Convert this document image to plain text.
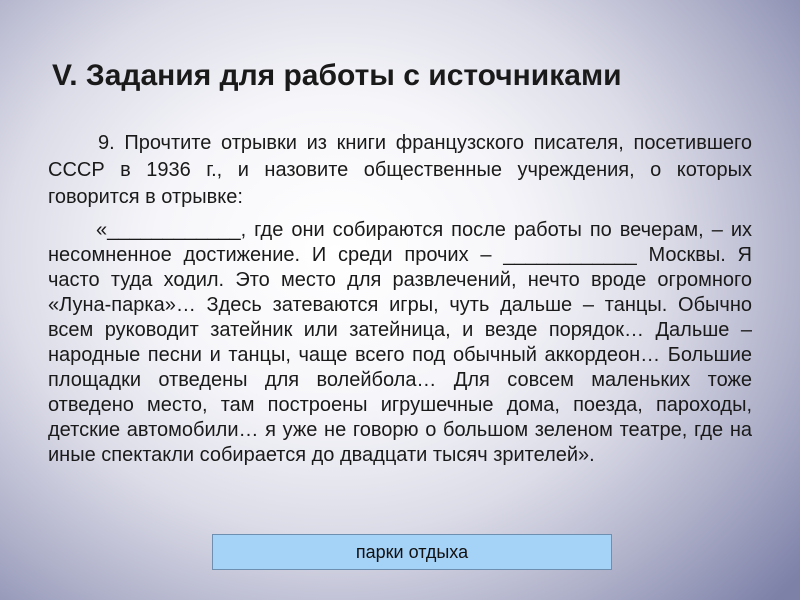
V. Задания для работы с источниками

9. Прочтите отрывки из книги французского писателя, посетившего СССР в 1936 г., и назовите общественные учреждения, о которых говорится в отрывке:

«____________, где они собираются после работы по вечерам, – их несомненное достижение. И среди прочих – ____________ Москвы. Я часто туда ходил. Это место для развлечений, нечто вроде огромного «Луна-парка»… Здесь затеваются игры, чуть дальше – танцы. Обычно всем руководит затейник или затейница, и везде порядок… Дальше – народные песни и танцы, чаще всего под обычный аккордеон… Большие площадки отведены для волейбола… Для совсем маленьких тоже отведено место, там построены игрушечные дома, поезда, пароходы, детские автомобили… я уже не говорю о большом зеленом театре, где на иные спектакли собирается до двадцати тысяч зрителей».

парки отдыха
